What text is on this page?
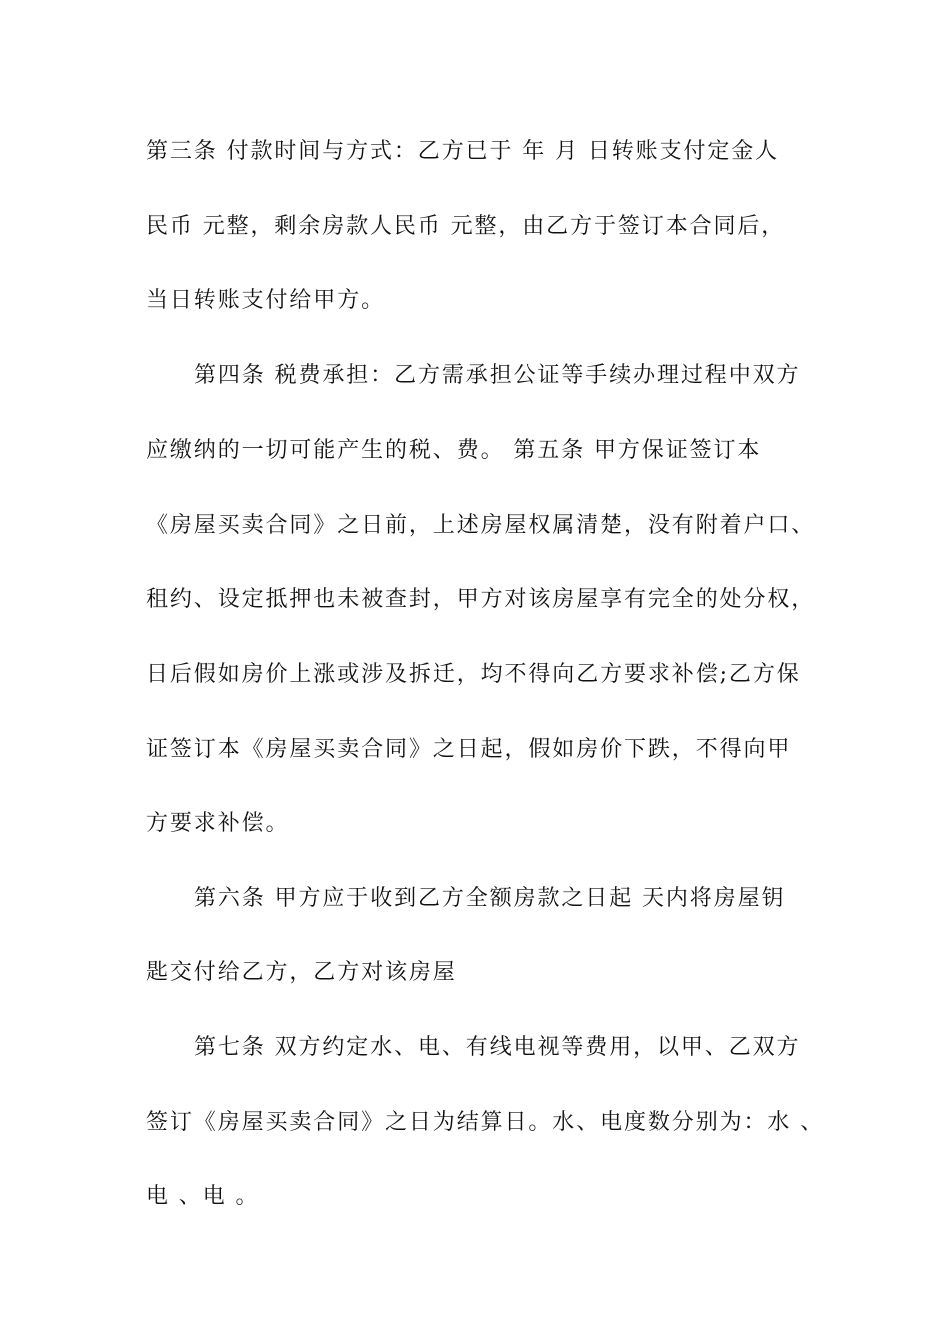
第三条 付款时间与方式：乙方已于 年 月 日转账支付定金人
民币 元整，剩余房款人民币 元整，由乙方于签订本合同后，
当日转账支付给甲方。
第四条 税费承担：乙方需承担公证等手续办理过程中双方
应缴纳的一切可能产生的税、费。 第五条 甲方保证签订本
《房屋买卖合同》之日前，上述房屋权属清楚，没有附着户口、
租约、设定抵押也未被查封，甲方对该房屋享有完全的处分权，
日后假如房价上涨或涉及拆迁，均不得向乙方要求补偿;乙方保
证签订本《房屋买卖合同》之日起，假如房价下跌，不得向甲
方要求补偿。
第六条 甲方应于收到乙方全额房款之日起 天内将房屋钥
匙交付给乙方，乙方对该房屋
第七条 双方约定水、电、有线电视等费用，以甲、乙双方
签订《房屋买卖合同》之日为结算日。水、电度数分别为：水 、
电 、电 。
